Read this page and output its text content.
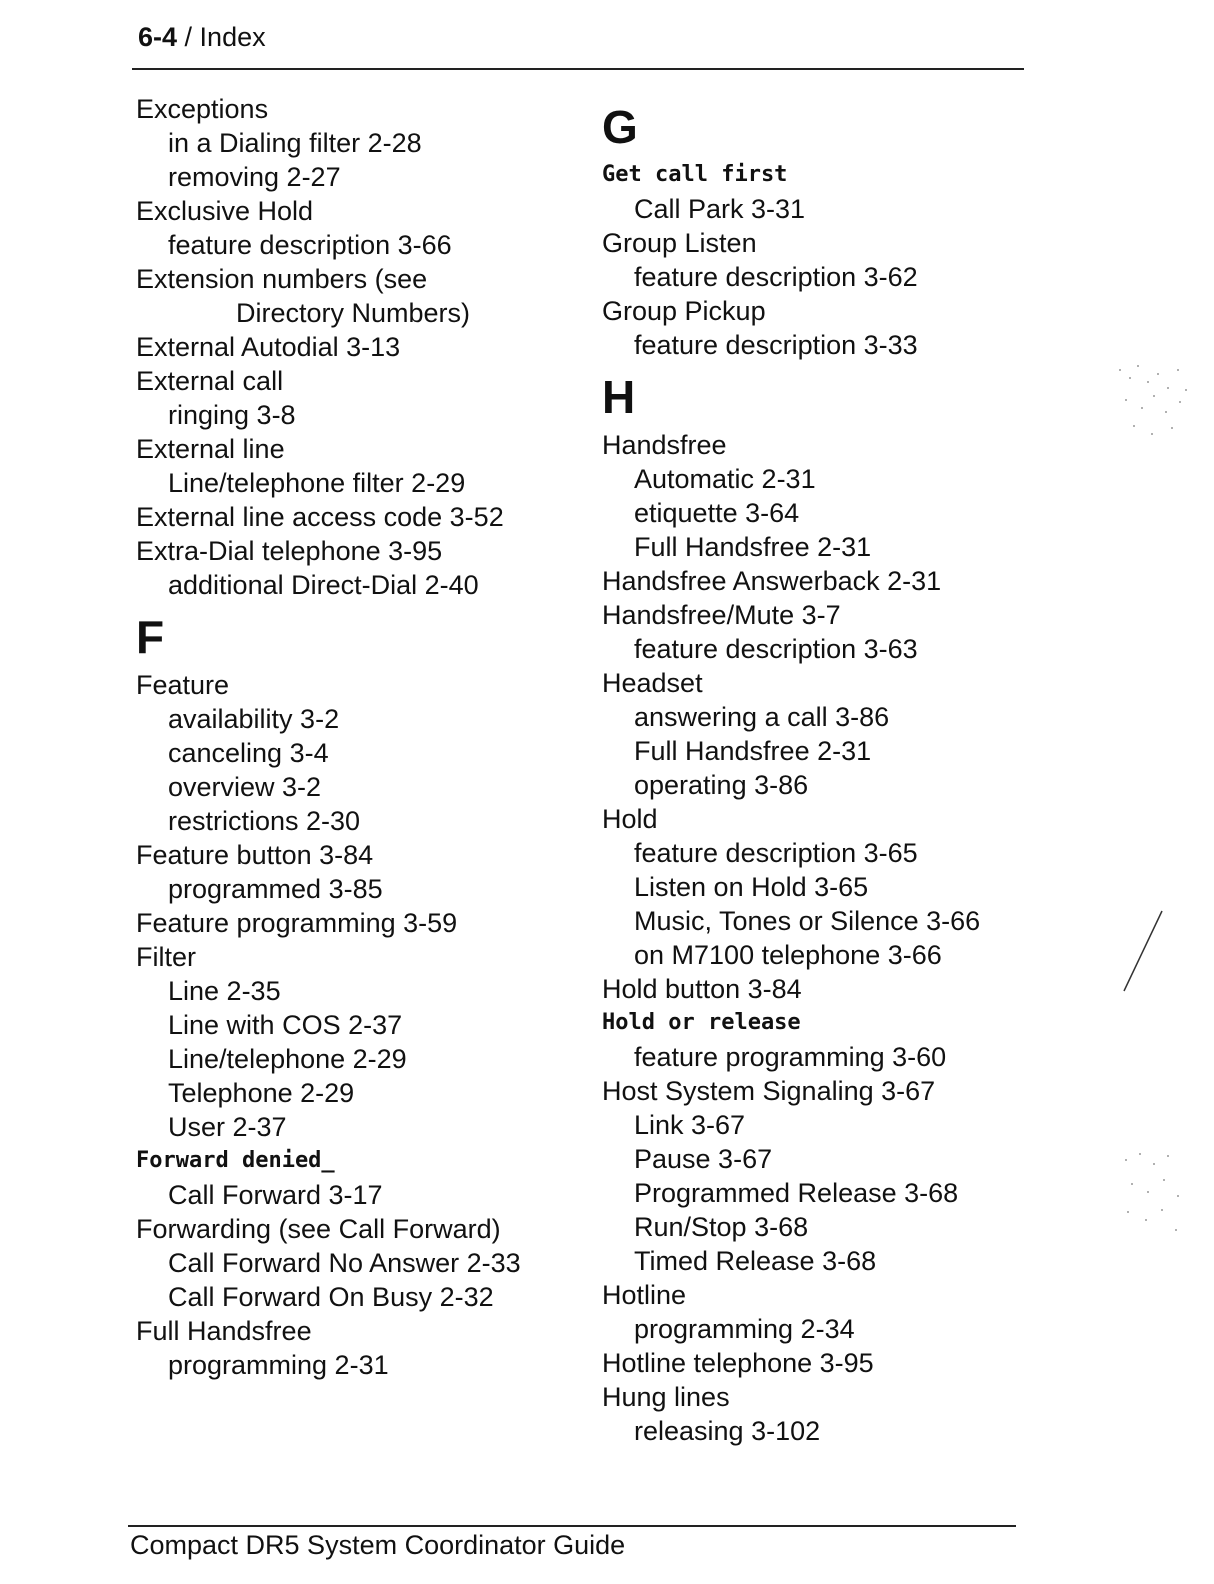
6-4 / Index
Exceptions
in a Dialing filter 2-28
removing 2-27
Exclusive Hold
feature description 3-66
Extension numbers (see
Directory Numbers)
External Autodial 3-13
External call
ringing 3-8
External line
Line/telephone filter 2-29
External line access code 3-52
Extra-Dial telephone 3-95
additional Direct-Dial 2-40
F
Feature
availability 3-2
canceling 3-4
overview 3-2
restrictions 2-30
Feature button 3-84
programmed 3-85
Feature programming 3-59
Filter
Line 2-35
Line with COS 2-37
Line/telephone 2-29
Telephone 2-29
User 2-37
Forward denied_
Call Forward 3-17
Forwarding (see Call Forward)
Call Forward No Answer 2-33
Call Forward On Busy 2-32
Full Handsfree
programming 2-31
G
Get call first
Call Park 3-31
Group Listen
feature description 3-62
Group Pickup
feature description 3-33
H
Handsfree
Automatic 2-31
etiquette 3-64
Full Handsfree 2-31
Handsfree Answerback 2-31
Handsfree/Mute 3-7
feature description 3-63
Headset
answering a call 3-86
Full Handsfree 2-31
operating 3-86
Hold
feature description 3-65
Listen on Hold 3-65
Music, Tones or Silence 3-66
on M7100 telephone 3-66
Hold button 3-84
Hold or release
feature programming 3-60
Host System Signaling 3-67
Link 3-67
Pause 3-67
Programmed Release 3-68
Run/Stop 3-68
Timed Release 3-68
Hotline
programming 2-34
Hotline telephone 3-95
Hung lines
releasing 3-102
Compact DR5 System Coordinator Guide
